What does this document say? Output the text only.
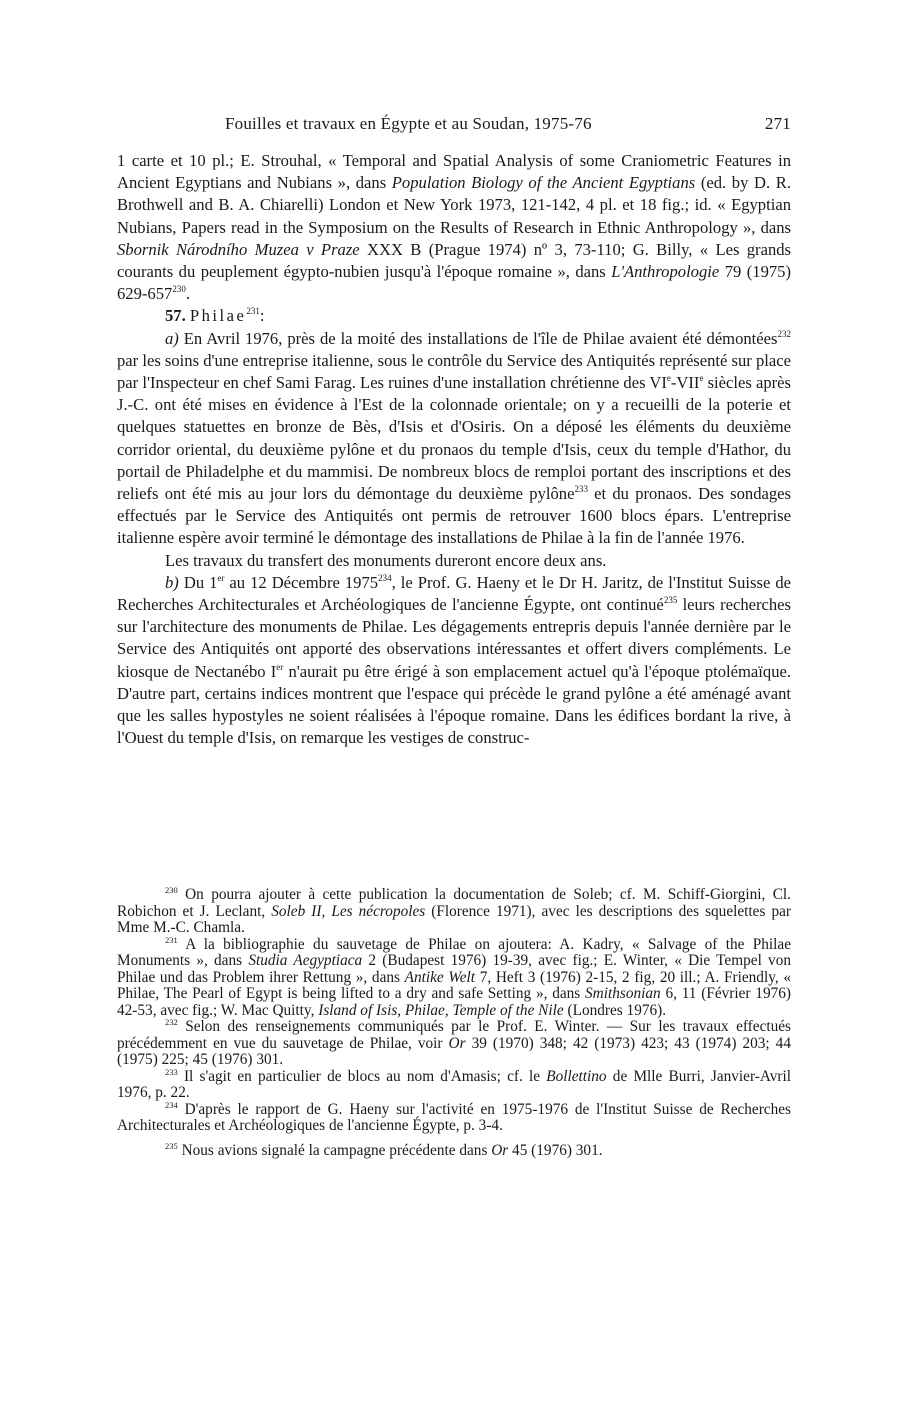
Fouilles et travaux en Égypte et au Soudan, 1975-76	271

1 carte et 10 pl.; E. Strouhal, « Temporal and Spatial Analysis of some Craniometric Features in Ancient Egyptians and Nubians », dans Population Biology of the Ancient Egyptians (ed. by D. R. Brothwell and B. A. Chiarelli) London et New York 1973, 121-142, 4 pl. et 18 fig.; id. « Egyptian Nubians, Papers read in the Symposium on the Results of Research in Ethnic Anthropology », dans Sbornik Národního Muzea v Praze XXX B (Prague 1974) nº 3, 73-110; G. Billy, « Les grands courants du peuplement égypto-nubien jusqu'à l'époque romaine », dans L'Anthropologie 79 (1975) $629-657^{230}$.

57. Philae$^{231}$:

a) En Avril 1976, près de la moité des installations de l'île de Philae avaient été démontées$^{232}$ par les soins d'une entreprise italienne, sous le contrôle du Service des Antiquités représenté sur place par l'Inspecteur en chef Sami Farag. Les ruines d'une installation chrétienne des VIe-VIIe siècles après J.-C. ont été mises en évidence à l'Est de la colonnade orientale; on y a recueilli de la poterie et quelques statuettes en bronze de Bès, d'Isis et d'Osiris. On a déposé les éléments du deuxième corridor oriental, du deuxième pylône et du pronaos du temple d'Isis, ceux du temple d'Hathor, du portail de Philadelphe et du mammisi. De nombreux blocs de remploi portant des inscriptions et des reliefs ont été mis au jour lors du démontage du deuxième pylône$^{233}$ et du pronaos. Des sondages effectués par le Service des Antiquités ont permis de retrouver 1600 blocs épars. L'entreprise italienne espère avoir terminé le démontage des installations de Philae à la fin de l'année 1976.

Les travaux du transfert des monuments dureront encore deux ans.

b) Du 1er au 12 Décembre 1975$^{234}$, le Prof. G. Haeny et le Dr H. Jaritz, de l'Institut Suisse de Recherches Architecturales et Archéologiques de l'ancienne Égypte, ont continué$^{235}$ leurs recherches sur l'architecture des monuments de Philae. Les dégagements entrepris depuis l'année dernière par le Service des Antiquités ont apporté des observations intéressantes et offert divers compléments. Le kiosque de Nectanébo Ier n'aurait pu être érigé à son emplacement actuel qu'à l'époque ptolémaïque. D'autre part, certains indices montrent que l'espace qui précède le grand pylône a été aménagé avant que les salles hypostyles ne soient réalisées à l'époque romaine. Dans les édifices bordant la rive, à l'Ouest du temple d'Isis, on remarque les vestiges de construc-

$^{230}$ On pourra ajouter à cette publication la documentation de Soleb; cf. M. Schiff-Giorgini, Cl. Robichon et J. Leclant, Soleb II, Les nécropoles (Florence 1971), avec les descriptions des squelettes par Mme M.-C. Chamla.

$^{231}$ A la bibliographie du sauvetage de Philae on ajoutera: A. Kadry, « Salvage of the Philae Monuments », dans Studia Aegyptiaca 2 (Budapest 1976) 19-39, avec fig.; E. Winter, « Die Tempel von Philae und das Problem ihrer Rettung », dans Antike Welt 7, Heft 3 (1976) 2-15, 2 fig, 20 ill.; A. Friendly, « Philae, The Pearl of Egypt is being lifted to a dry and safe Setting », dans Smithsonian 6, 11 (Février 1976) 42-53, avec fig.; W. Mac Quitty, Island of Isis, Philae, Temple of the Nile (Londres 1976).

$^{232}$ Selon des renseignements communiqués par le Prof. E. Winter. — Sur les travaux effectués précédemment en vue du sauvetage de Philae, voir Or 39 (1970) 348; 42 (1973) 423; 43 (1974) 203; 44 (1975) 225; 45 (1976) 301.

$^{233}$ Il s'agit en particulier de blocs au nom d'Amasis; cf. le Bollettino de Mlle Burri, Janvier-Avril 1976, p. 22.

$^{234}$ D'après le rapport de G. Haeny sur l'activité en 1975-1976 de l'Institut Suisse de Recherches Architecturales et Archéologiques de l'ancienne Égypte, p. 3-4.

$^{235}$ Nous avions signalé la campagne précédente dans Or 45 (1976) 301.
